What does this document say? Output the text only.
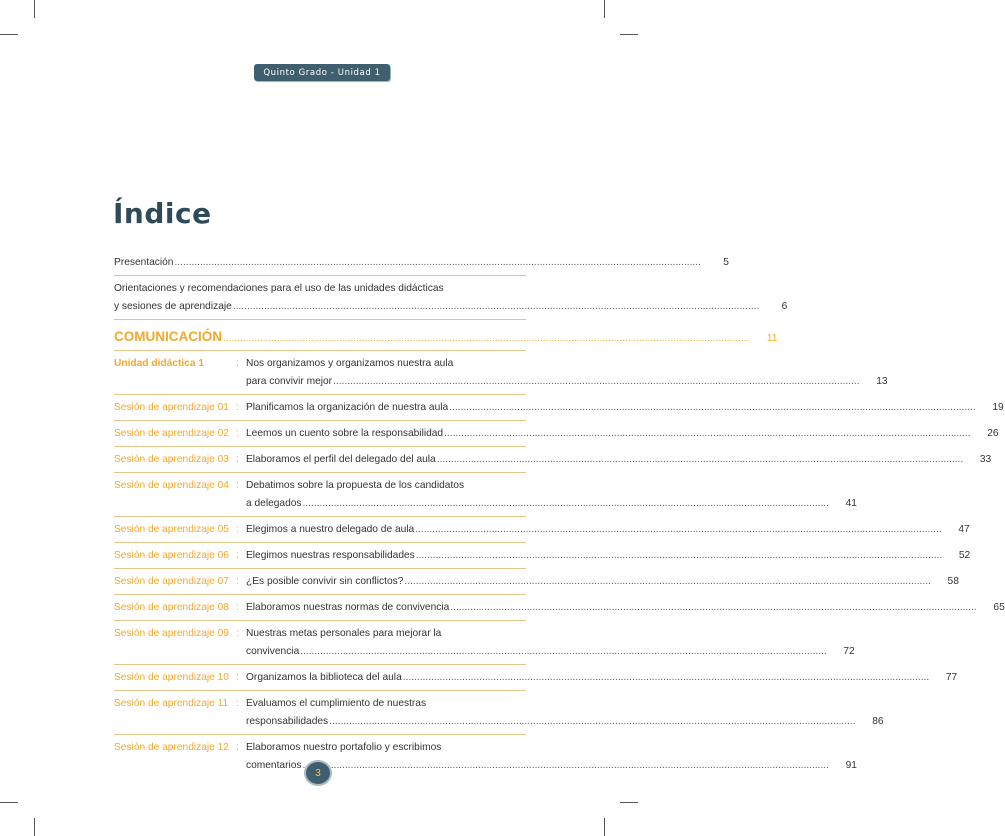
Quinto Grado - Unidad 1
Índice
Presentación .....	5
Orientaciones y recomendaciones para el uso de las unidades didácticas
y sesiones de aprendizaje .....	6
COMUNICACIÓN .....	11
Unidad didáctica 1	: Nos organizamos y organizamos nuestra aula
para convivir mejor .....	13
Sesión de aprendizaje 01 : Planificamos la organización de nuestra aula .....	19
Sesión de aprendizaje 02 : Leemos un cuento sobre la responsabilidad .....	26
Sesión de aprendizaje 03 : Elaboramos el perfil del delegado del aula .....	33
Sesión de aprendizaje 04 : Debatimos sobre la propuesta de los candidatos
a delegados .....	41
Sesión de aprendizaje 05 : Elegimos a nuestro delegado de aula .....	47
Sesión de aprendizaje 06 : Elegimos nuestras responsabilidades .....	52
Sesión de aprendizaje 07 : ¿Es posible convivir sin conflictos? .....	58
Sesión de aprendizaje 08 : Elaboramos nuestras normas de convivencia .....	65
Sesión de aprendizaje 09 : Nuestras metas personales para mejorar la
convivencia .....	72
Sesión de aprendizaje 10 : Organizamos la biblioteca del aula .....	77
Sesión de aprendizaje 11 : Evaluamos el cumplimiento de nuestras
responsabilidades .....	86
Sesión de aprendizaje 12 : Elaboramos nuestro portafolio y escribimos
comentarios .....	91
3
